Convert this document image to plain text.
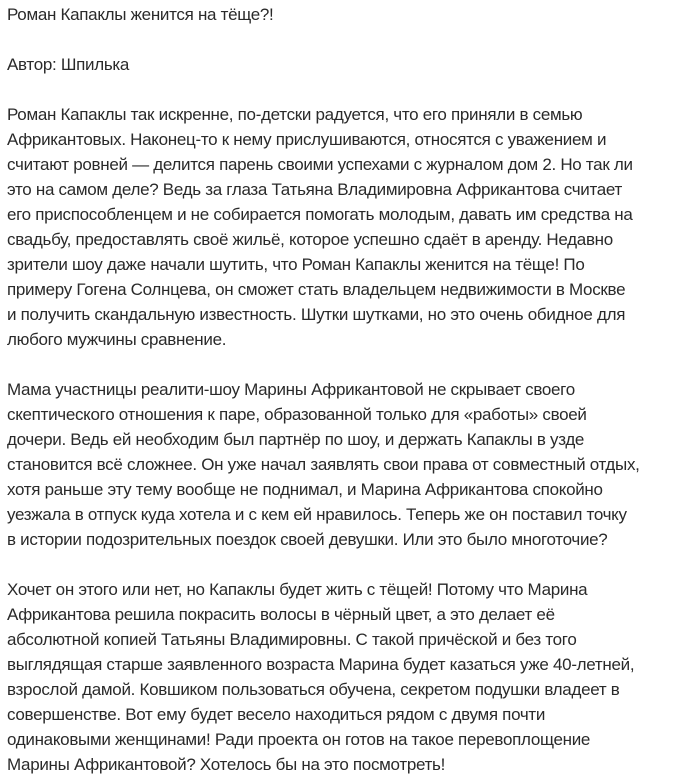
Роман Капаклы женится на тёще?!
Автор: Шпилька
Роман Капаклы так искренне, по-детски радуется, что его приняли в семью
Африкантовых. Наконец-то к нему прислушиваются, относятся с уважением и
считают ровней — делится парень своими успехами с журналом дом 2. Но так ли
это на самом деле? Ведь за глаза Татьяна Владимировна Африкантова считает
его приспособленцем и не собирается помогать молодым, давать им средства на
свадьбу, предоставлять своё жильё, которое успешно сдаёт в аренду. Недавно
зрители шоу даже начали шутить, что Роман Капаклы женится на тёще! По
примеру Гогена Солнцева, он сможет стать владельцем недвижимости в Москве
и получить скандальную известность. Шутки шутками, но это очень обидное для
любого мужчины сравнение.
Мама участницы реалити-шоу Марины Африкантовой не скрывает своего
скептического отношения к паре, образованной только для «работы» своей
дочери. Ведь ей необходим был партнёр по шоу, и держать Капаклы в узде
становится всё сложнее. Он уже начал заявлять свои права от совместный отдых,
хотя раньше эту тему вообще не поднимал, и Марина Африкантова спокойно
уезжала в отпуск куда хотела и с кем ей нравилось. Теперь же он поставил точку
в истории подозрительных поездок своей девушки. Или это было многоточие?
Хочет он этого или нет, но Капаклы будет жить с тёщей! Потому что Марина
Африкантова решила покрасить волосы в чёрный цвет, а это делает её
абсолютной копией Татьяны Владимировны. С такой причёской и без того
выглядящая старше заявленного возраста Марина будет казаться уже 40-летней,
взрослой дамой. Ковшиком пользоваться обучена, секретом подушки владеет в
совершенстве. Вот ему будет весело находиться рядом с двумя почти
одинаковыми женщинами! Ради проекта он готов на такое перевоплощение
Марины Африкантовой? Хотелось бы на это посмотреть!
